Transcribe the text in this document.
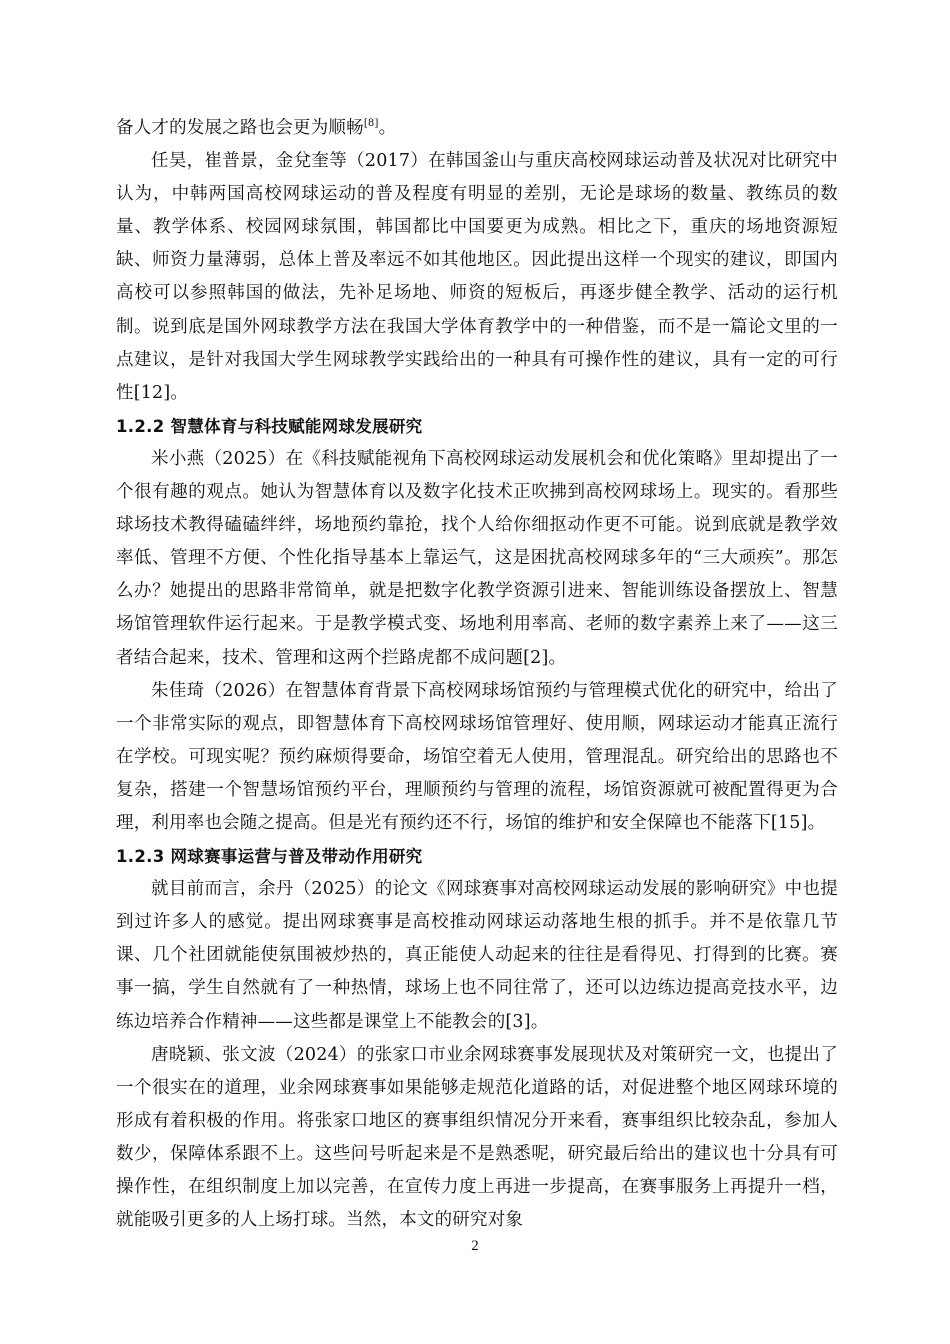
备人才的发展之路也会更为顺畅[8]。

任昊，崔普景，金兌奎等（2017）在韩国釜山与重庆高校网球运动普及状况对比研究中认为，中韩两国高校网球运动的普及程度有明显的差别，无论是球场的数量、教练员的数量、教学体系、校园网球氛围，韩国都比中国要更为成熟。相比之下，重庆的场地资源短缺、师资力量薄弱，总体上普及率远不如其他地区。因此提出这样一个现实的建议，即国内高校可以参照韩国的做法，先补足场地、师资的短板后，再逐步健全教学、活动的运行机制。说到底是国外网球教学方法在我国大学体育教学中的一种借鉴，而不是一篇论文里的一点建议，是针对我国大学生网球教学实践给出的一种具有可操作性的建议，具有一定的可行性[12]。

1.2.2 智慧体育与科技赋能网球发展研究

米小燕（2025）在《科技赋能视角下高校网球运动发展机会和优化策略》里却提出了一个很有趣的观点。她认为智慧体育以及数字化技术正吹拂到高校网球场上。现实的。看那些球场技术教得磕磕绊绊，场地预约靠抢，找个人给你细抠动作更不可能。说到底就是教学效率低、管理不方便、个性化指导基本上靠运气，这是困扰高校网球多年的“三大顽疾”。那怎么办？她提出的思路非常简单，就是把数字化教学资源引进来、智能训练设备摆放上、智慧场馆管理软件运行起来。于是教学模式变、场地利用率高、老师的数字素养上来了——这三者结合起来，技术、管理和这两个拦路虎都不成问题[2]。

朱佳琦（2026）在智慧体育背景下高校网球场馆预约与管理模式优化的研究中，给出了一个非常实际的观点，即智慧体育下高校网球场馆管理好、使用顺，网球运动才能真正流行在学校。可现实呢？预约麻烦得要命，场馆空着无人使用，管理混乱。研究给出的思路也不复杂，搭建一个智慧场馆预约平台，理顺预约与管理的流程，场馆资源就可被配置得更为合理，利用率也会随之提高。但是光有预约还不行，场馆的维护和安全保障也不能落下[15]。

1.2.3 网球赛事运营与普及带动作用研究

就目前而言，余丹（2025）的论文《网球赛事对高校网球运动发展的影响研究》中也提到过许多人的感觉。提出网球赛事是高校推动网球运动落地生根的抓手。并不是依靠几节课、几个社团就能使氛围被炒热的，真正能使人动起来的往往是看得见、打得到的比赛。赛事一搞，学生自然就有了一种热情，球场上也不同往常了，还可以边练边提高竞技水平，边练边培养合作精神——这些都是课堂上不能教会的[3]。

唐晓颖、张文波（2024）的张家口市业余网球赛事发展现状及对策研究一文，也提出了一个很实在的道理，业余网球赛事如果能够走规范化道路的话，对促进整个地区网球环境的形成有着积极的作用。将张家口地区的赛事组织情况分开来看，赛事组织比较杂乱，参加人数少，保障体系跟不上。这些问号听起来是不是熟悉呢，研究最后给出的建议也十分具有可操作性，在组织制度上加以完善，在宣传力度上再进一步提高，在赛事服务上再提升一档，就能吸引更多的人上场打球。当然，本文的研究对象

2
